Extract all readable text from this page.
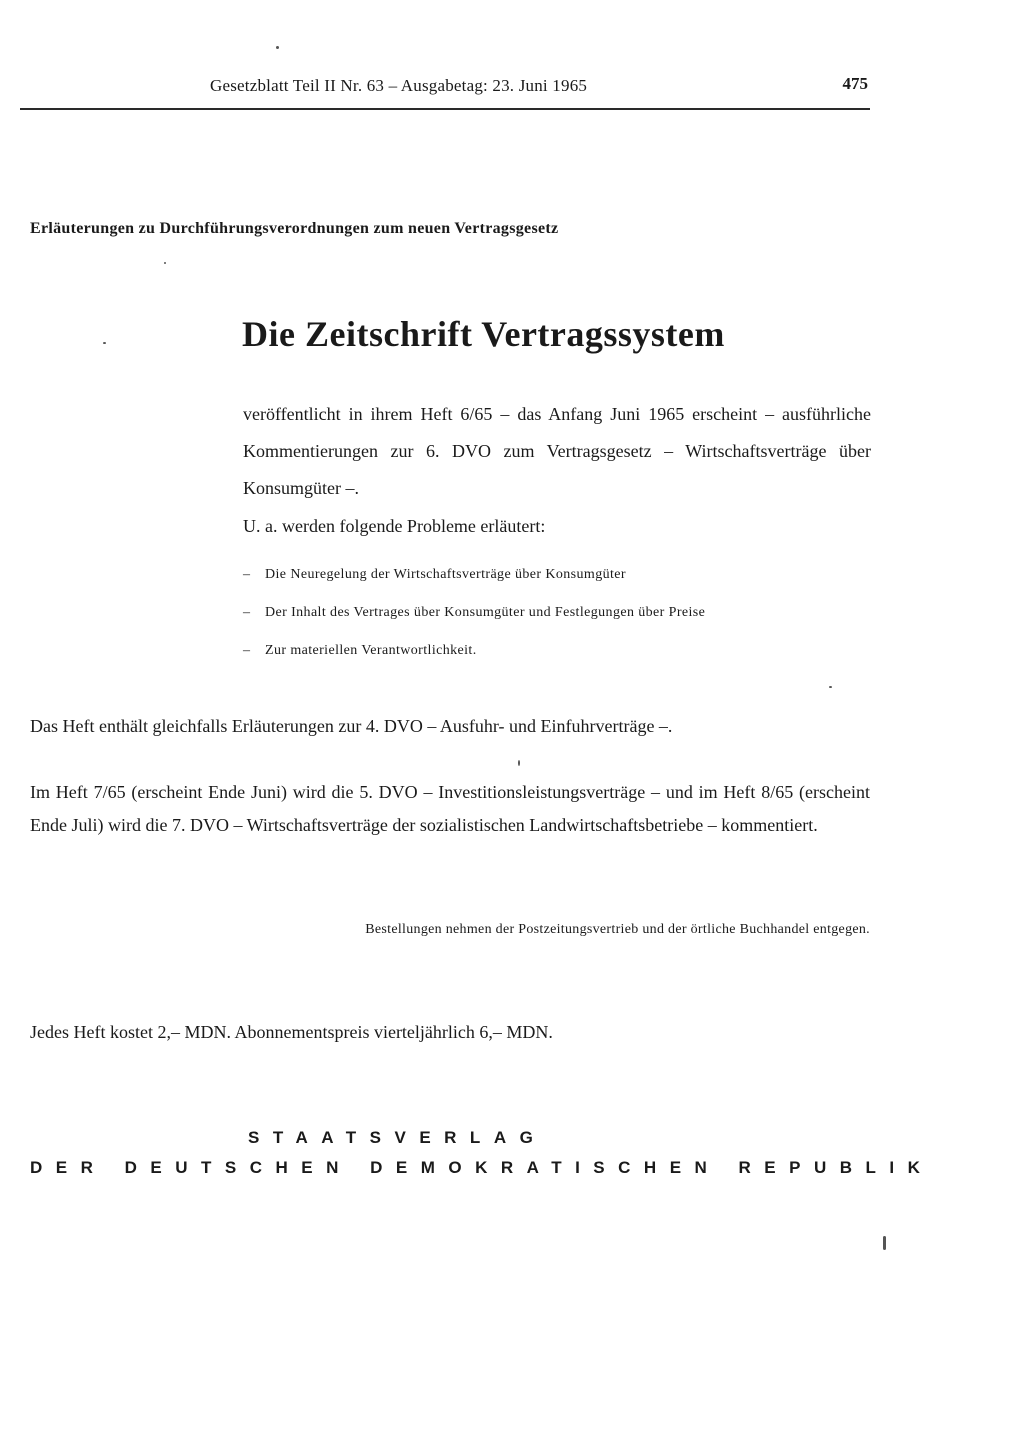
Gesetzblatt Teil II Nr. 63 – Ausgabetag: 23. Juni 1965	475
Erläuterungen zu Durchführungsverordnungen zum neuen Vertragsgesetz
Die Zeitschrift Vertragssystem

veröffentlicht in ihrem Heft 6/65 – das Anfang Juni 1965 erscheint – ausführliche Kommentierungen zur 6. DVO zum Vertragsgesetz – Wirtschaftsverträge über Konsumgüter –.

U. a. werden folgende Probleme erläutert:
– Die Neuregelung der Wirtschaftsverträge über Konsumgüter
– Der Inhalt des Vertrages über Konsumgüter und Festlegungen über Preise
– Zur materiellen Verantwortlichkeit.
Das Heft enthält gleichfalls Erläuterungen zur 4. DVO – Ausfuhr- und Einfuhrverträge –.

Im Heft 7/65 (erscheint Ende Juni) wird die 5. DVO – Investitionsleistungsverträge – und im Heft 8/65 (erscheint Ende Juli) wird die 7. DVO – Wirtschaftsverträge der sozialistischen Landwirtschaftsbetriebe – kommentiert.

Bestellungen nehmen der Postzeitungsvertrieb und der örtliche Buchhandel entgegen.
Jedes Heft kostet 2,– MDN. Abonnementspreis vierteljährlich 6,– MDN.
STAATSVERLAG
DER DEUTSCHEN DEMOKRATISCHEN REPUBLIK
